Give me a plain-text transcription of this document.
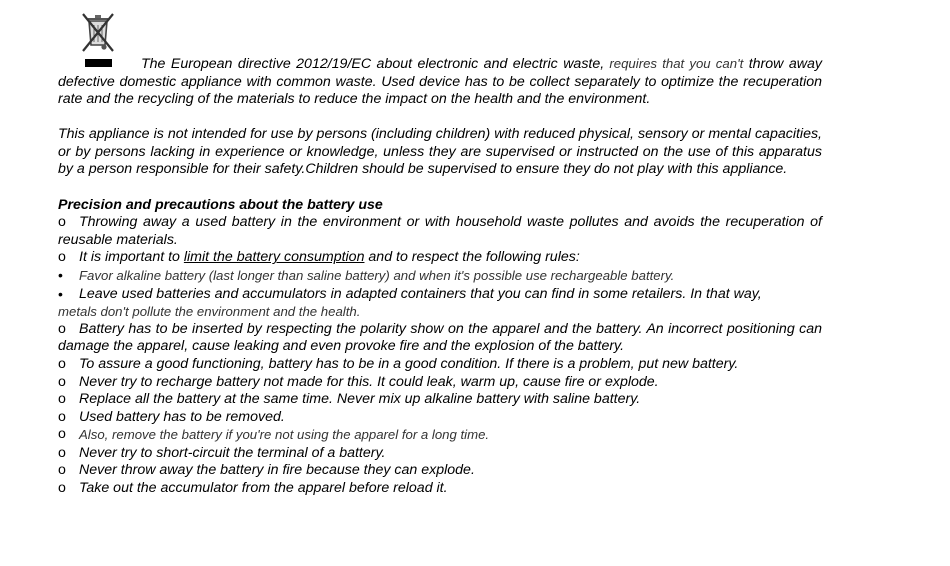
The European directive 2012/19/EC about electronic and electric waste, requires that you can't throw away defective domestic appliance with common waste. Used device has to be collect separately to optimize the recuperation rate and the recycling of the materials to reduce the impact on the health and the environment.

This appliance is not intended for use by persons (including children) with reduced physical, sensory or mental capacities, or by persons lacking in experience or knowledge, unless they are supervised or instructed on the use of this apparatus by a person responsible for their safety.Children should be supervised to ensure they do not play with this appliance.

Precision and precautions about the battery use

o Throwing away a used battery in the environment or with household waste pollutes and avoids the recuperation of reusable materials.

o It is important to limit the battery consumption and to respect the following rules:

•	Favor alkaline battery (last longer than saline battery) and when it's possible use rechargeable battery.

•	Leave used batteries and accumulators in adapted containers that you can find in some retailers. In that way,

metals don't pollute the environment and the health.

o Battery has to be inserted by respecting the polarity show on the apparel and the battery. An incorrect positioning can damage the apparel, cause leaking and even provoke fire and the explosion of the battery.

o To assure a good functioning, battery has to be in a good condition. If there is a problem, put new battery.

o Never try to recharge battery not made for this. It could leak, warm up, cause fire or explode.

o Replace all the battery at the same time. Never mix up alkaline battery with saline battery.

o Used battery has to be removed.

o Also, remove the battery if you're not using the apparel for a long time.

o Never try to short-circuit the terminal of a battery.

o Never throw away the battery in fire because they can explode.

o Take out the accumulator from the apparel before reload it.
